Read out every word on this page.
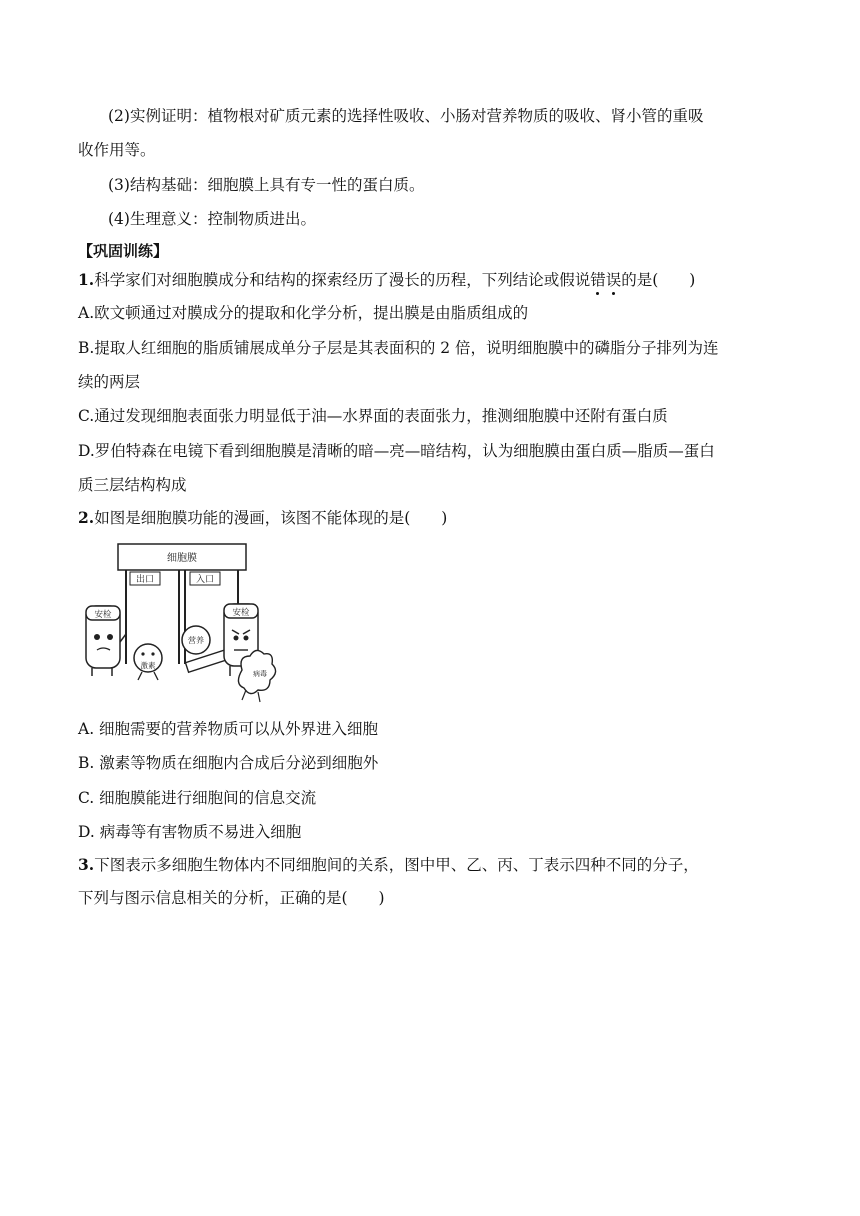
(2)实例证明：植物根对矿质元素的选择性吸收、小肠对营养物质的吸收、肾小管的重吸
收作用等。
(3)结构基础：细胞膜上具有专一性的蛋白质。
(4)生理意义：控制物质进出。
【巩固训练】
1.科学家们对细胞膜成分和结构的探索经历了漫长的历程，下列结论或假说错误
的是(　　)
A.欧文顿通过对膜成分的提取和化学分析，提出膜是由脂质组成的
B.提取人红细胞的脂质铺展成单分子层是其表面积的 2 倍，说明细胞膜中的磷脂分子排列为连
续的两层
C.通过发现细胞表面张力明显低于油—水界面的表面张力，推测细胞膜中还附有蛋白质
D.罗伯特森在电镜下看到细胞膜是清晰的暗—亮—暗结构，认为细胞膜由蛋白质—脂质—蛋白
质三层结构构成
2.如图是细胞膜功能的漫画，该图不能体现的是(　　)
细胞膜
出口	入口
安检
激素
营养
安检
病毒
A. 细胞需要的营养物质可以从外界进入细胞
B. 激素等物质在细胞内合成后分泌到细胞外
C. 细胞膜能进行细胞间的信息交流
D. 病毒等有害物质不易进入细胞
3.下图表示多细胞生物体内不同细胞间的关系，图中甲、乙、丙、丁表示四种不同的分子，
下列与图示信息相关的分析，正确的是(　　)
